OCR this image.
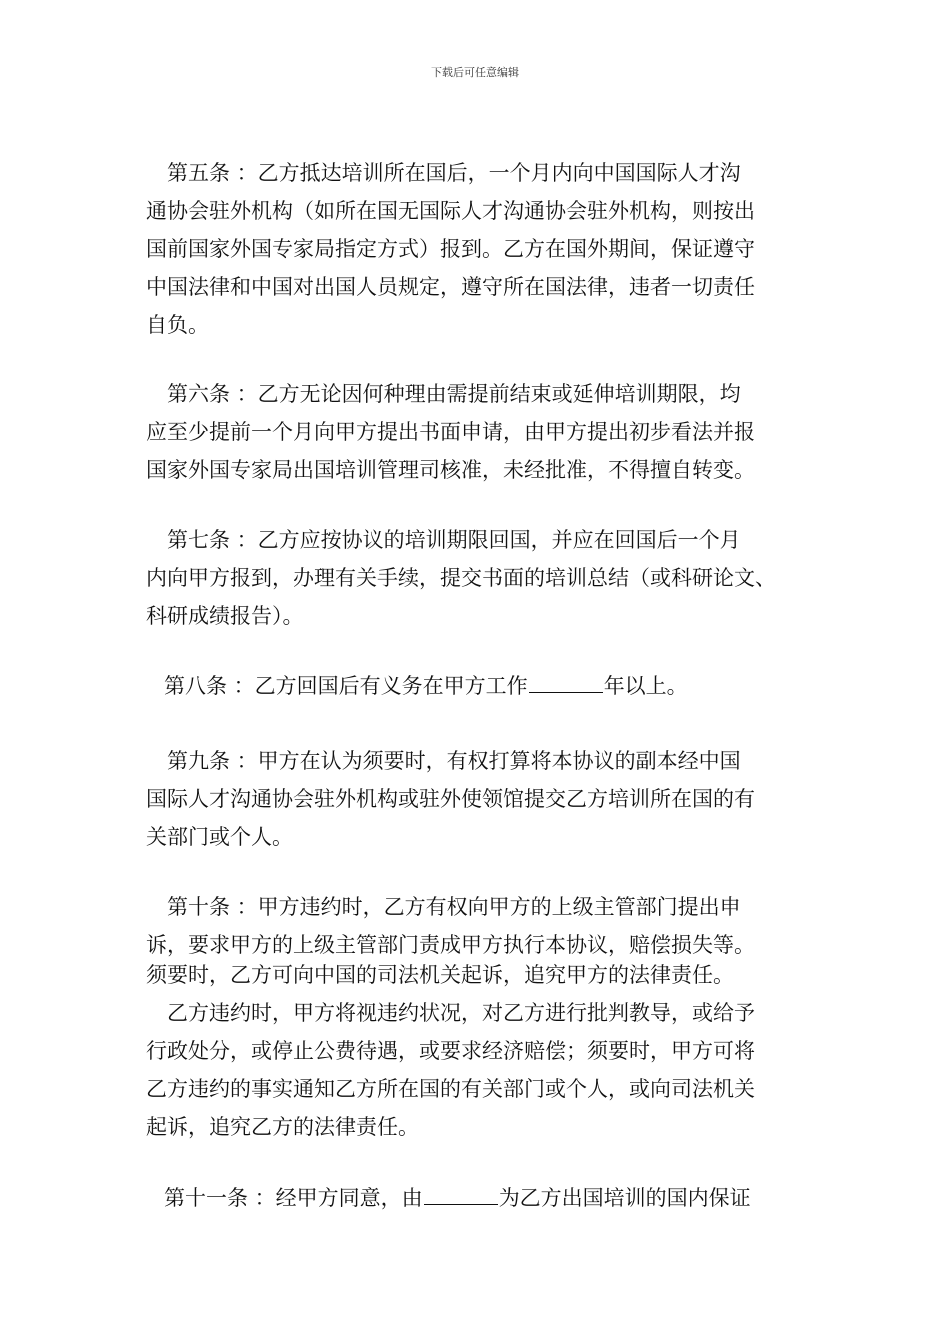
下载后可任意编辑
第五条 ：乙方抵达培训所在国后，一个月内向中国国际人才沟
通协会驻外机构（如所在国无国际人才沟通协会驻外机构，则按出
国前国家外国专家局指定方式）报到。乙方在国外期间，保证遵守
中国法律和中国对出国人员规定，遵守所在国法律，违者一切责任
自负。
第六条 ：乙方无论因何种理由需提前结束或延伸培训期限，均
应至少提前一个月向甲方提出书面申请，由甲方提出初步看法并报
国家外国专家局出国培训管理司核准，未经批准，不得擅自转变。
第七条 ：乙方应按协议的培训期限回国，并应在回国后一个月
内向甲方报到，办理有关手续，提交书面的培训总结（或科研论文、
科研成绩报告）。
第八条 ：乙方回国后有义务在甲方工作	年以上。
第九条 ：甲方在认为须要时，有权打算将本协议的副本经中国
国际人才沟通协会驻外机构或驻外使领馆提交乙方培训所在国的有
关部门或个人。
第十条 ：甲方违约时，乙方有权向甲方的上级主管部门提出申
诉，要求甲方的上级主管部门责成甲方执行本协议，赔偿损失等。
须要时，乙方可向中国的司法机关起诉，追究甲方的法律责任。
乙方违约时，甲方将视违约状况，对乙方进行批判教导，或给予
行政处分，或停止公费待遇，或要求经济赔偿；须要时，甲方可将
乙方违约的事实通知乙方所在国的有关部门或个人，或向司法机关
起诉，追究乙方的法律责任。
第十一条 ：经甲方同意，由	为乙方出国培训的国内保证
